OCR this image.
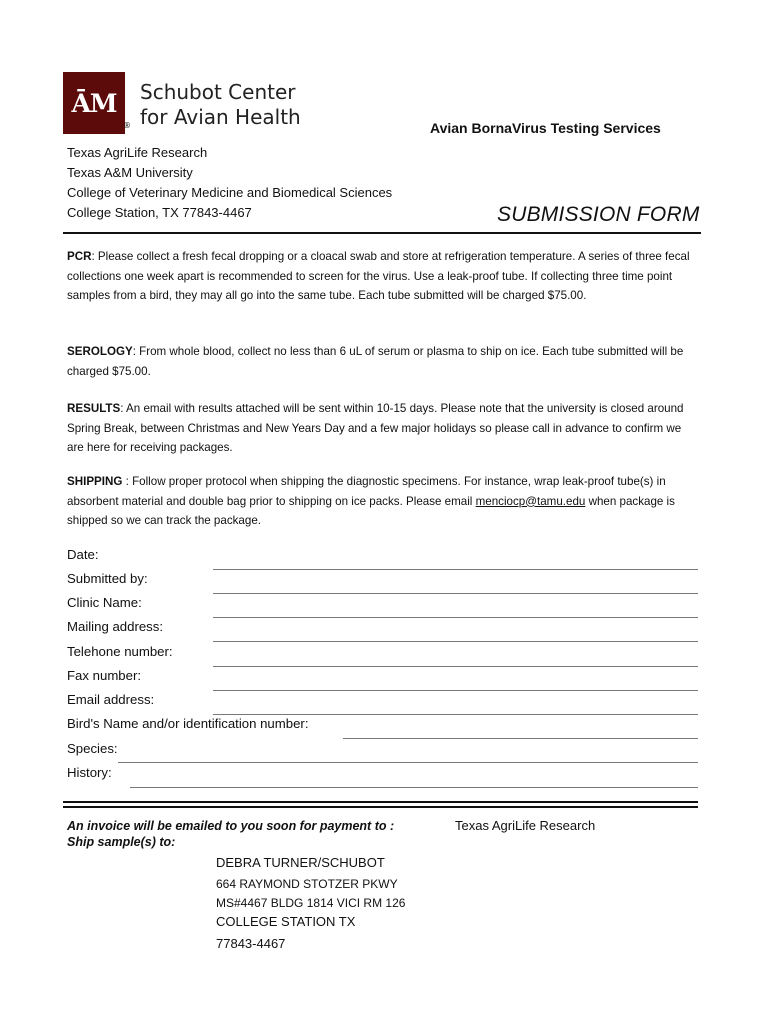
ĀM
®
Schubot Center
for Avian Health	Avian BornaVirus Testing Services
Texas AgriLife Research
Texas A&M University
College of Veterinary Medicine and Biomedical Sciences
College Station, TX 77843-4467	SUBMISSION FORM
PCR: Please collect a fresh fecal dropping or a cloacal swab and store at refrigeration temperature. A series of three fecal collections one week apart is recommended to screen for the virus. Use a leak-proof tube. If collecting three time point samples from a bird, they may all go into the same tube. Each tube submitted will be charged $75.00.
SEROLOGY: From whole blood, collect no less than 6 uL of serum or plasma to ship on ice. Each tube submitted will be charged $75.00.
RESULTS: An email with results attached will be sent within 10-15 days. Please note that the university is closed around Spring Break, between Christmas and New Years Day and a few major holidays so please call in advance to confirm we are here for receiving packages.
SHIPPING : Follow proper protocol when shipping the diagnostic specimens. For instance, wrap leak-proof tube(s) in absorbent material and double bag prior to shipping on ice packs. Please email menciocp@tamu.edu when package is shipped so we can track the package.
Date:
Submitted by:
Clinic Name:
Mailing address:
Telehone number:
Fax number:
Email address:
Bird's Name and/or identification number:
Species:
History:
An invoice will be emailed to you soon for payment to :
Ship sample(s) to:
Texas AgriLife Research
DEBRA TURNER/SCHUBOT
664 RAYMOND STOTZER PKWY
MS#4467 BLDG 1814 VICI RM 126
COLLEGE STATION TX
77843-4467
